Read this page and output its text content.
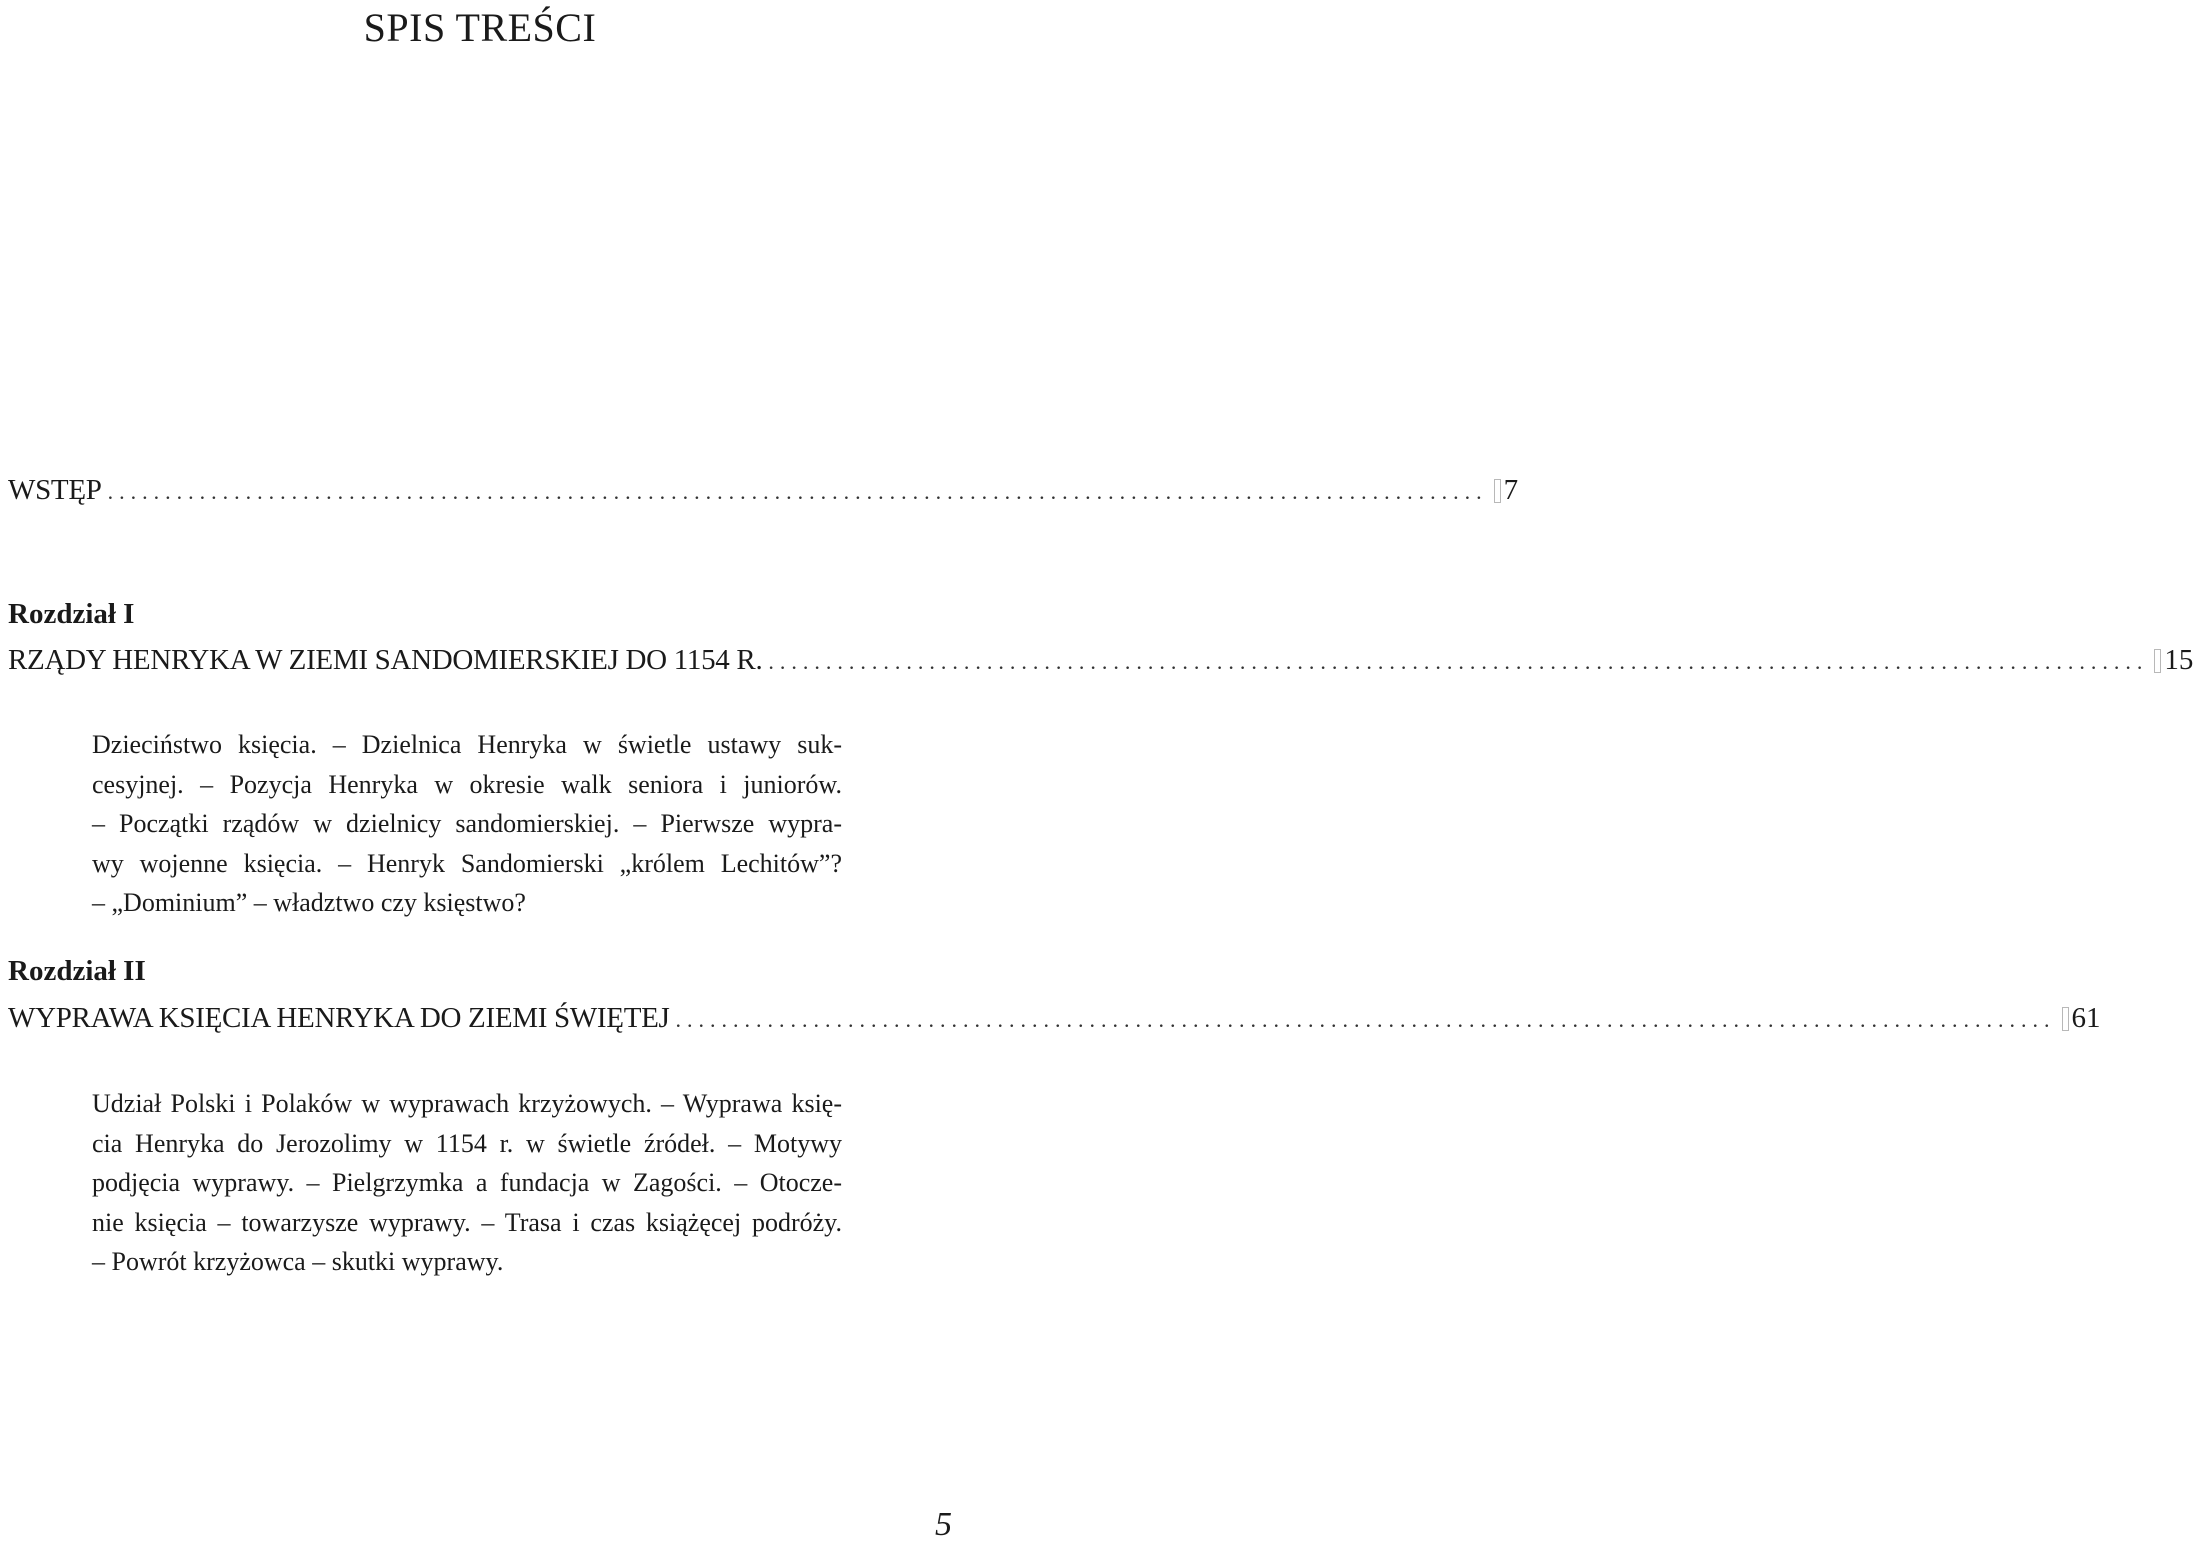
SPIS TREŚCI
WSTĘP ........................................................................................................................ 7
Rozdział I
RZĄDY HENRYKA W ZIEMI SANDOMIERSKIEJ DO 1154 R. ........................................................................................................................ 15
Dzieciństwo księcia. – Dzielnica Henryka w świetle ustawy suk-
cesyjnej. – Pozycja Henryka w okresie walk seniora i juniorów.
– Początki rządów w dzielnicy sandomierskiej. – Pierwsze wypra-
wy wojenne księcia. – Henryk Sandomierski „królem Lechitów”?
– „Dominium” – władztwo czy księstwo?
Rozdział II
WYPRAWA KSIĘCIA HENRYKA DO ZIEMI ŚWIĘTEJ ........................................................................................................................ 61
Udział Polski i Polaków w wyprawach krzyżowych. – Wyprawa księ-
cia Henryka do Jerozolimy w 1154 r. w świetle źródeł. – Motywy
podjęcia wyprawy. – Pielgrzymka a fundacja w Zagości. – Otocze-
nie księcia – towarzysze wyprawy. – Trasa i czas książęcej podróży.
– Powrót krzyżowca – skutki wyprawy.
5
